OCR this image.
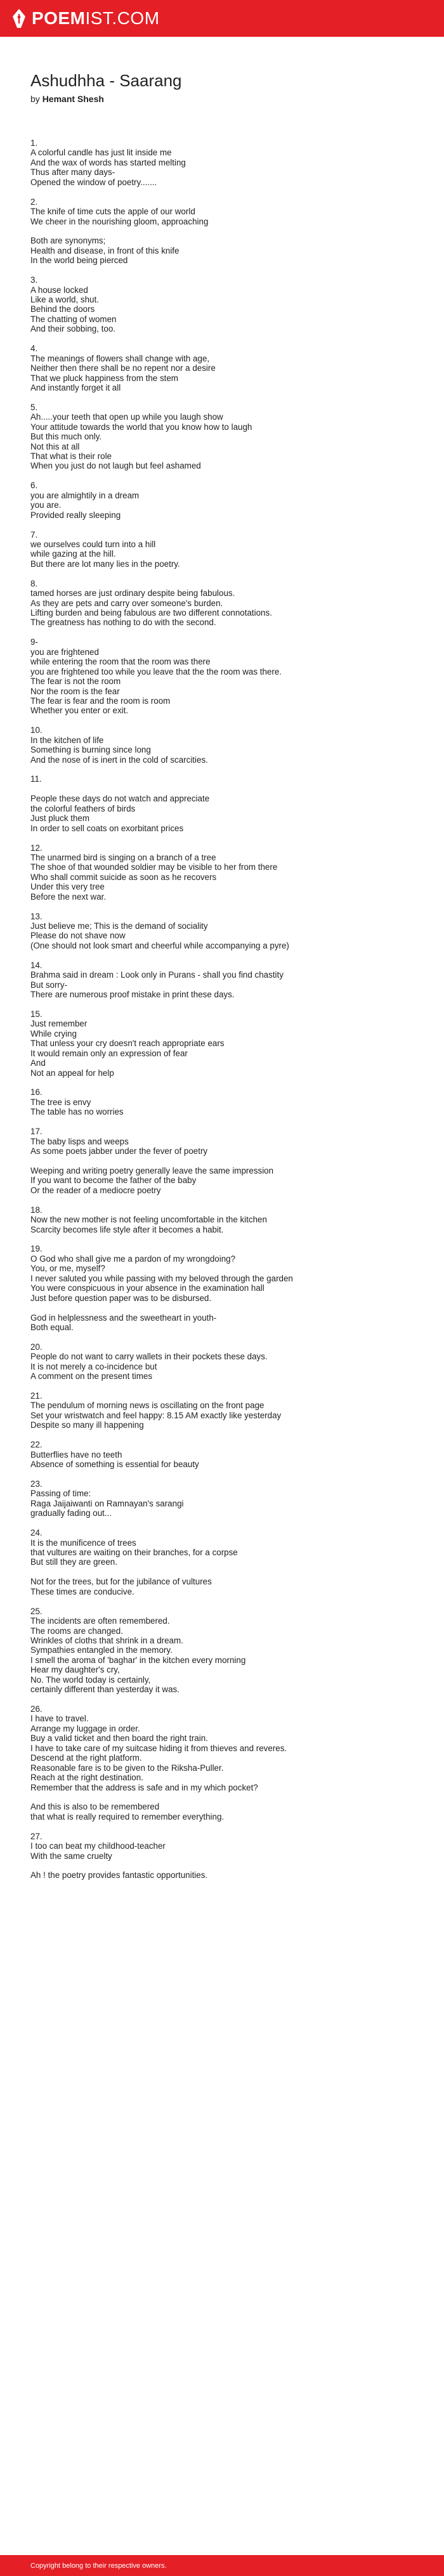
POEMIST.COM
Ashudhha - Saarang
by Hemant Shesh
1.
A colorful candle has just lit inside me
And the wax of words has started melting
Thus after many days-
Opened the window of poetry.......
2.
The knife of time cuts the apple of our world
We cheer in the nourishing gloom, approaching
Both are synonyms;
Health and disease, in front of this knife
In the world being pierced
3.
A house locked
Like a world, shut.
Behind the doors
The chatting of women
And their sobbing, too.
4.
The meanings of flowers shall change with age,
Neither then there shall be no repent nor a desire
That we pluck happiness from the stem
And instantly forget it all
5.
Ah.....your teeth that open up while you laugh show
Your attitude towards the world that you know how to laugh
But this much only.
Not this at all
That what is their role
When you just do not laugh but feel ashamed
6.
you are almightily in a dream
you are.
Provided really sleeping
7.
we ourselves could turn into a hill
while gazing at the hill.
But there are lot many lies in the poetry.
8.
tamed horses are just ordinary despite being fabulous.
As they are pets and carry over someone's burden.
Lifting burden and being fabulous are two different connotations.
The greatness has nothing to do with the second.
9-
you are frightened
while entering the room that the room was there
you are frightened too while you leave that the the room was there.
The fear is not the room
Nor the room is the fear
The fear is fear and the room is room
Whether you enter or exit.
10.
In the kitchen of life
Something is burning since long
And the nose of is inert in the cold of scarcities.
11.
People these days do not watch and appreciate
the colorful feathers of birds
Just pluck them
In order to sell coats on exorbitant prices
12.
The unarmed bird is singing on a branch of a tree
The shoe of that wounded soldier may be visible to her from there
Who shall commit suicide as soon as he recovers
Under this very tree
Before the next war.
13.
Just believe me; This is the demand of sociality
Please do not shave now
(One should not look smart and cheerful while accompanying a pyre)
14.
Brahma said in dream : Look only in Purans - shall you find chastity
But sorry-
There are numerous proof mistake in print these days.
15.
Just remember
While crying
That unless your cry doesn't reach appropriate ears
It would remain only an expression of fear
And
Not an appeal for help
16.
The tree is envy
The table has no worries
17.
The baby lisps and weeps
As some poets jabber under the fever of poetry
Weeping and writing poetry generally leave the same impression
If you want to become the father of the baby
Or the reader of a mediocre poetry
18.
Now the new mother is not feeling uncomfortable in the kitchen
Scarcity becomes life style after it becomes a habit.
19.
O God who shall give me a pardon of my wrongdoing?
You, or me, myself?
I never saluted you while passing with my beloved through the garden
You were conspicuous in your absence in the examination hall
Just before question paper was to be disbursed.
God in helplessness and the sweetheart in youth-
Both equal.
20.
People do not want to carry wallets in their pockets these days.
It is not merely a co-incidence but
A comment on the present times
21.
The pendulum of morning news is oscillating on the front page
Set your wristwatch and feel happy: 8.15 AM exactly like yesterday
Despite so many ill happening
22.
Butterflies have no teeth
Absence of something is essential for beauty
23.
Passing of time:
Raga Jaijaiwanti on Ramnayan's sarangi
gradually fading out...
24.
It is the munificence of trees
that vultures are waiting on their branches, for a corpse
But still they are green.
Not for the trees, but for the jubilance of vultures
These times are conducive.
25.
The incidents are often remembered.
The rooms are changed.
Wrinkles of cloths that shrink in a dream.
Sympathies entangled in the memory.
I smell the aroma of 'baghar' in the kitchen every morning
Hear my daughter's cry,
No. The world today is certainly,
certainly different than yesterday it was.
26.
I have to travel.
Arrange my luggage in order.
Buy a valid ticket and then board the right train.
I have to take care of my suitcase hiding it from thieves and reveres.
Descend at the right platform.
Reasonable fare is to be given to the Riksha-Puller.
Reach at the right destination.
Remember that the address is safe and in my which pocket?
And this is also to be remembered
that what is really required to remember everything.
27.
I too can beat my childhood-teacher
With the same cruelty
Ah ! the poetry provides fantastic opportunities.
Copyright belong to their respective owners.
